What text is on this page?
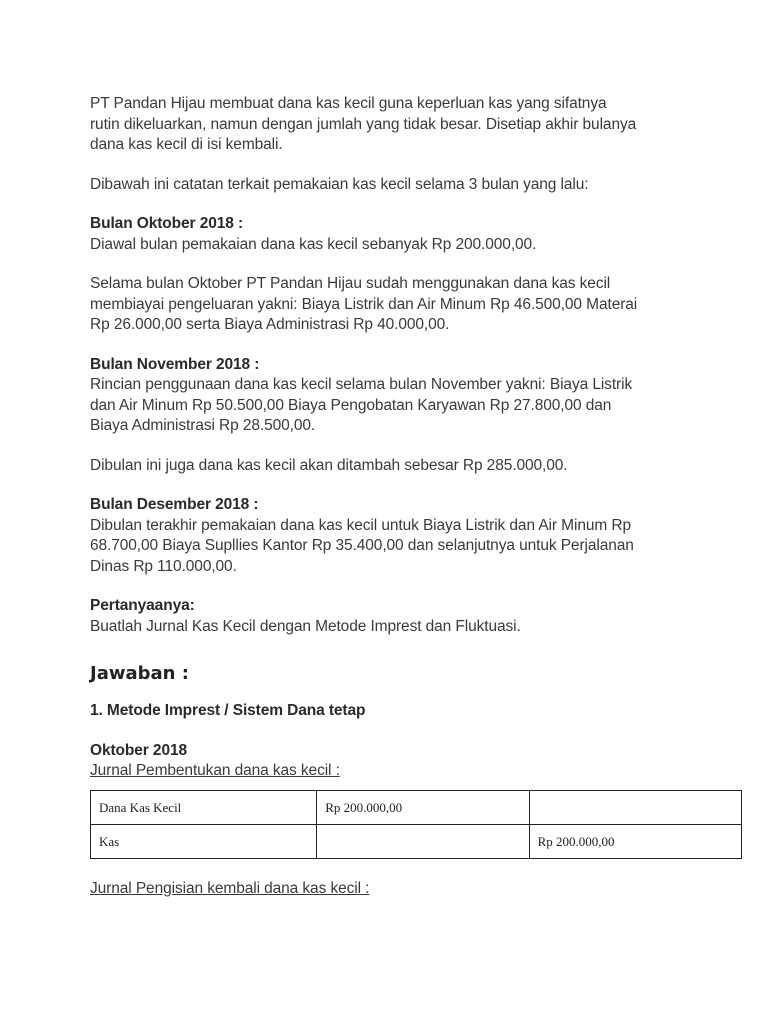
PT Pandan Hijau membuat dana kas kecil guna keperluan kas yang sifatnya

rutin dikeluarkan, namun dengan jumlah yang tidak besar. Disetiap akhir bulanya

dana kas kecil di isi kembali.

Dibawah ini catatan terkait pemakaian kas kecil selama 3 bulan yang lalu:

Bulan Oktober 2018 :

Diawal bulan pemakaian dana kas kecil sebanyak Rp 200.000,00.

Selama bulan Oktober PT Pandan Hijau sudah menggunakan dana kas kecil

membiayai pengeluaran yakni: Biaya Listrik dan Air Minum Rp 46.500,00 Materai

Rp 26.000,00 serta Biaya Administrasi Rp 40.000,00.

Bulan November 2018 :

Rincian penggunaan dana kas kecil selama bulan November yakni: Biaya Listrik

dan Air Minum Rp 50.500,00 Biaya Pengobatan Karyawan Rp 27.800,00 dan

Biaya Administrasi Rp 28.500,00.

Dibulan ini juga dana kas kecil akan ditambah sebesar Rp 285.000,00.

Bulan Desember 2018 :

Dibulan terakhir pemakaian dana kas kecil untuk Biaya Listrik dan Air Minum Rp

68.700,00 Biaya Supllies Kantor Rp 35.400,00 dan selanjutnya untuk Perjalanan

Dinas Rp 110.000,00.

Pertanyaanya:

Buatlah Jurnal Kas Kecil dengan Metode Imprest dan Fluktuasi.

Jawaban :

1. Metode Imprest / Sistem Dana tetap

Oktober 2018

Jurnal Pembentukan dana kas kecil :

Dana Kas Kecil	Rp 200.000,00	
Kas		Rp 200.000,00

Jurnal Pengisian kembali dana kas kecil :
